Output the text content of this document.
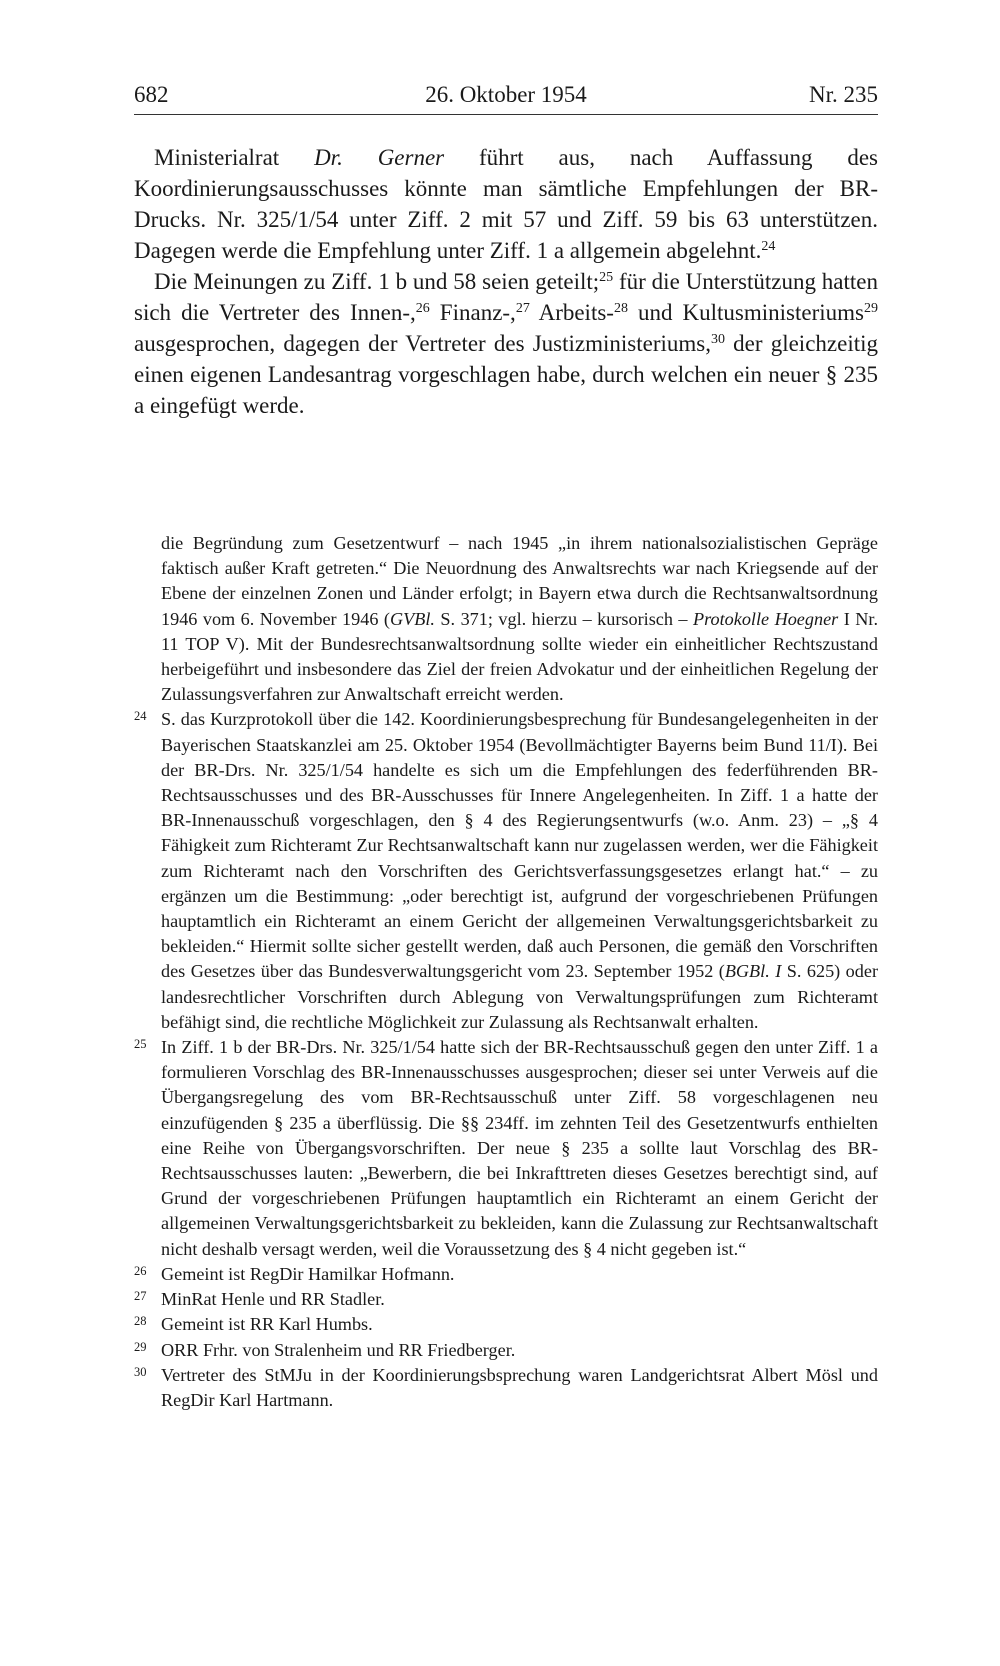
682	26. Oktober 1954	Nr. 235

Ministerialrat Dr. Gerner führt aus, nach Auffassung des Koordinierungsausschusses könnte man sämtliche Empfehlungen der BR-Drucks. Nr. 325/1/54 unter Ziff. 2 mit 57 und Ziff. 59 bis 63 unterstützen. Dagegen werde die Empfehlung unter Ziff. 1 a allgemein abgelehnt.$^{24}$

Die Meinungen zu Ziff. 1 b und 58 seien geteilt;$^{25}$ für die Unterstützung hatten sich die Vertreter des Innen-,$^{26}$ Finanz-,$^{27}$ Arbeits-$^{28}$ und Kultusministeriums$^{29}$ ausgesprochen, dagegen der Vertreter des Justizministeriums,$^{30}$ der gleichzeitig einen eigenen Landesantrag vorgeschlagen habe, durch welchen ein neuer § 235 a eingefügt werde.

die Begründung zum Gesetzentwurf – nach 1945 „in ihrem nationalsozialistischen Gepräge faktisch außer Kraft getreten.“ Die Neuordnung des Anwaltsrechts war nach Kriegsende auf der Ebene der einzelnen Zonen und Länder erfolgt; in Bayern etwa durch die Rechtsanwaltsordnung 1946 vom 6. November 1946 (GVBl. S. 371; vgl. hierzu – kursorisch – Protokolle Hoegner I Nr. 11 TOP V). Mit der Bundesrechtsanwaltsordnung sollte wieder ein einheitlicher Rechtszustand herbeigeführt und insbesondere das Ziel der freien Advokatur und der einheitlichen Regelung der Zulassungsverfahren zur Anwaltschaft erreicht werden.

24 S. das Kurzprotokoll über die 142. Koordinierungsbesprechung für Bundesangelegenheiten in der Bayerischen Staatskanzlei am 25. Oktober 1954 (Bevollmächtigter Bayerns beim Bund 11/I). Bei der BR-Drs. Nr. 325/1/54 handelte es sich um die Empfehlungen des federführenden BR-Rechtsausschusses und des BR-Ausschusses für Innere Angelegenheiten. In Ziff. 1 a hatte der BR-Innenausschuß vorgeschlagen, den § 4 des Regierungsentwurfs (w.o. Anm. 23) – „§ 4 Fähigkeit zum Richteramt Zur Rechtsanwaltschaft kann nur zugelassen werden, wer die Fähigkeit zum Richteramt nach den Vorschriften des Gerichtsverfassungsgesetzes erlangt hat.“ – zu ergänzen um die Bestimmung: „oder berechtigt ist, aufgrund der vorgeschriebenen Prüfungen hauptamtlich ein Richteramt an einem Gericht der allgemeinen Verwaltungsgerichtsbarkeit zu bekleiden.“ Hiermit sollte sicher gestellt werden, daß auch Personen, die gemäß den Vorschriften des Gesetzes über das Bundesverwaltungsgericht vom 23. September 1952 (BGBl. I S. 625) oder landesrechtlicher Vorschriften durch Ablegung von Verwaltungsprüfungen zum Richteramt befähigt sind, die rechtliche Möglichkeit zur Zulassung als Rechtsanwalt erhalten.

25 In Ziff. 1 b der BR-Drs. Nr. 325/1/54 hatte sich der BR-Rechtsausschuß gegen den unter Ziff. 1 a formulieren Vorschlag des BR-Innenausschusses ausgesprochen; dieser sei unter Verweis auf die Übergangsregelung des vom BR-Rechtsausschuß unter Ziff. 58 vorgeschlagenen neu einzufügenden § 235 a überflüssig. Die §§ 234ff. im zehnten Teil des Gesetzentwurfs enthielten eine Reihe von Übergangsvorschriften. Der neue § 235 a sollte laut Vorschlag des BR-Rechtsausschusses lauten: „Bewerbern, die bei Inkrafttreten dieses Gesetzes berechtigt sind, auf Grund der vorgeschriebenen Prüfungen hauptamtlich ein Richteramt an einem Gericht der allgemeinen Verwaltungsgerichtsbarkeit zu bekleiden, kann die Zulassung zur Rechtsanwaltschaft nicht deshalb versagt werden, weil die Voraussetzung des § 4 nicht gegeben ist.“

26 Gemeint ist RegDir Hamilkar Hofmann.

27 MinRat Henle und RR Stadler.

28 Gemeint ist RR Karl Humbs.

29 ORR Frhr. von Stralenheim und RR Friedberger.

30 Vertreter des StMJu in der Koordinierungsbsprechung waren Landgerichtsrat Albert Mösl und RegDir Karl Hartmann.
